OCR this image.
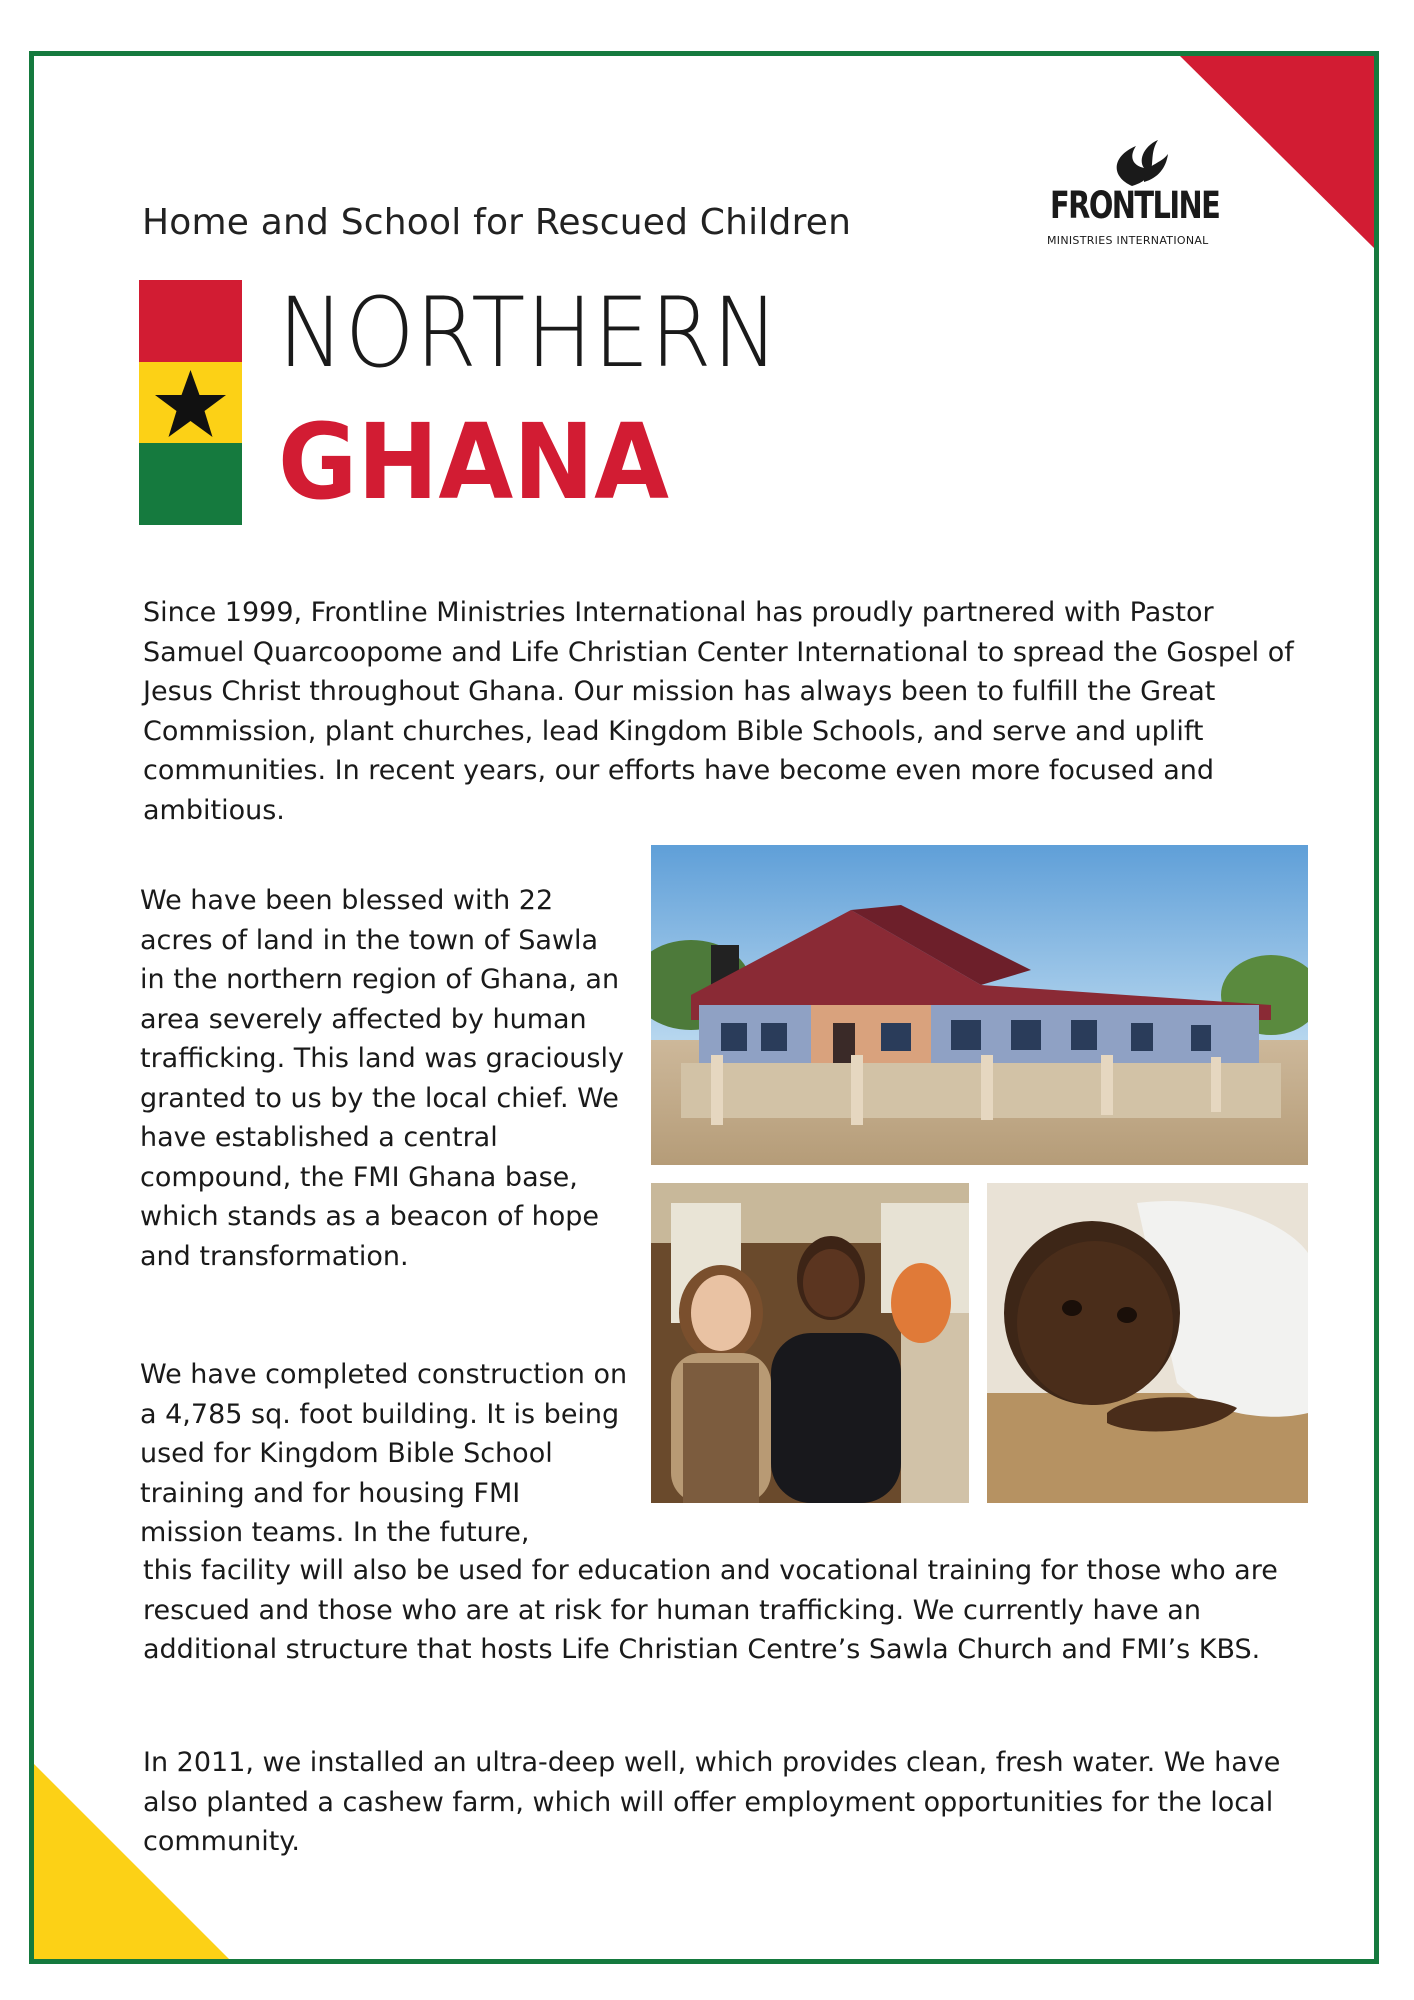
Home and School for Rescued Children	FRONTLINE
MINISTRIES INTERNATIONAL
NORTHERN
GHANA

Since 1999, Frontline Ministries International has proudly partnered with Pastor Samuel Quarcoopome and Life Christian Center International to spread the Gospel of Jesus Christ throughout Ghana. Our mission has always been to fulfill the Great Commission, plant churches, lead Kingdom Bible Schools, and serve and uplift communities. In recent years, our efforts have become even more focused and ambitious.

We have been blessed with 22 acres of land in the town of Sawla in the northern region of Ghana, an area severely affected by human trafficking. This land was graciously granted to us by the local chief. We have established a central compound, the FMI Ghana base, which stands as a beacon of hope and transformation.

We have completed construction on a 4,785 sq. foot building. It is being used for Kingdom Bible School training and for housing FMI mission teams. In the future,

this facility will also be used for education and vocational training for those who are rescued and those who are at risk for human trafficking. We currently have an additional structure that hosts Life Christian Centre’s Sawla Church and FMI’s KBS.

In 2011, we installed an ultra-deep well, which provides clean, fresh water. We have also planted a cashew farm, which will offer employment opportunities for the local community.
